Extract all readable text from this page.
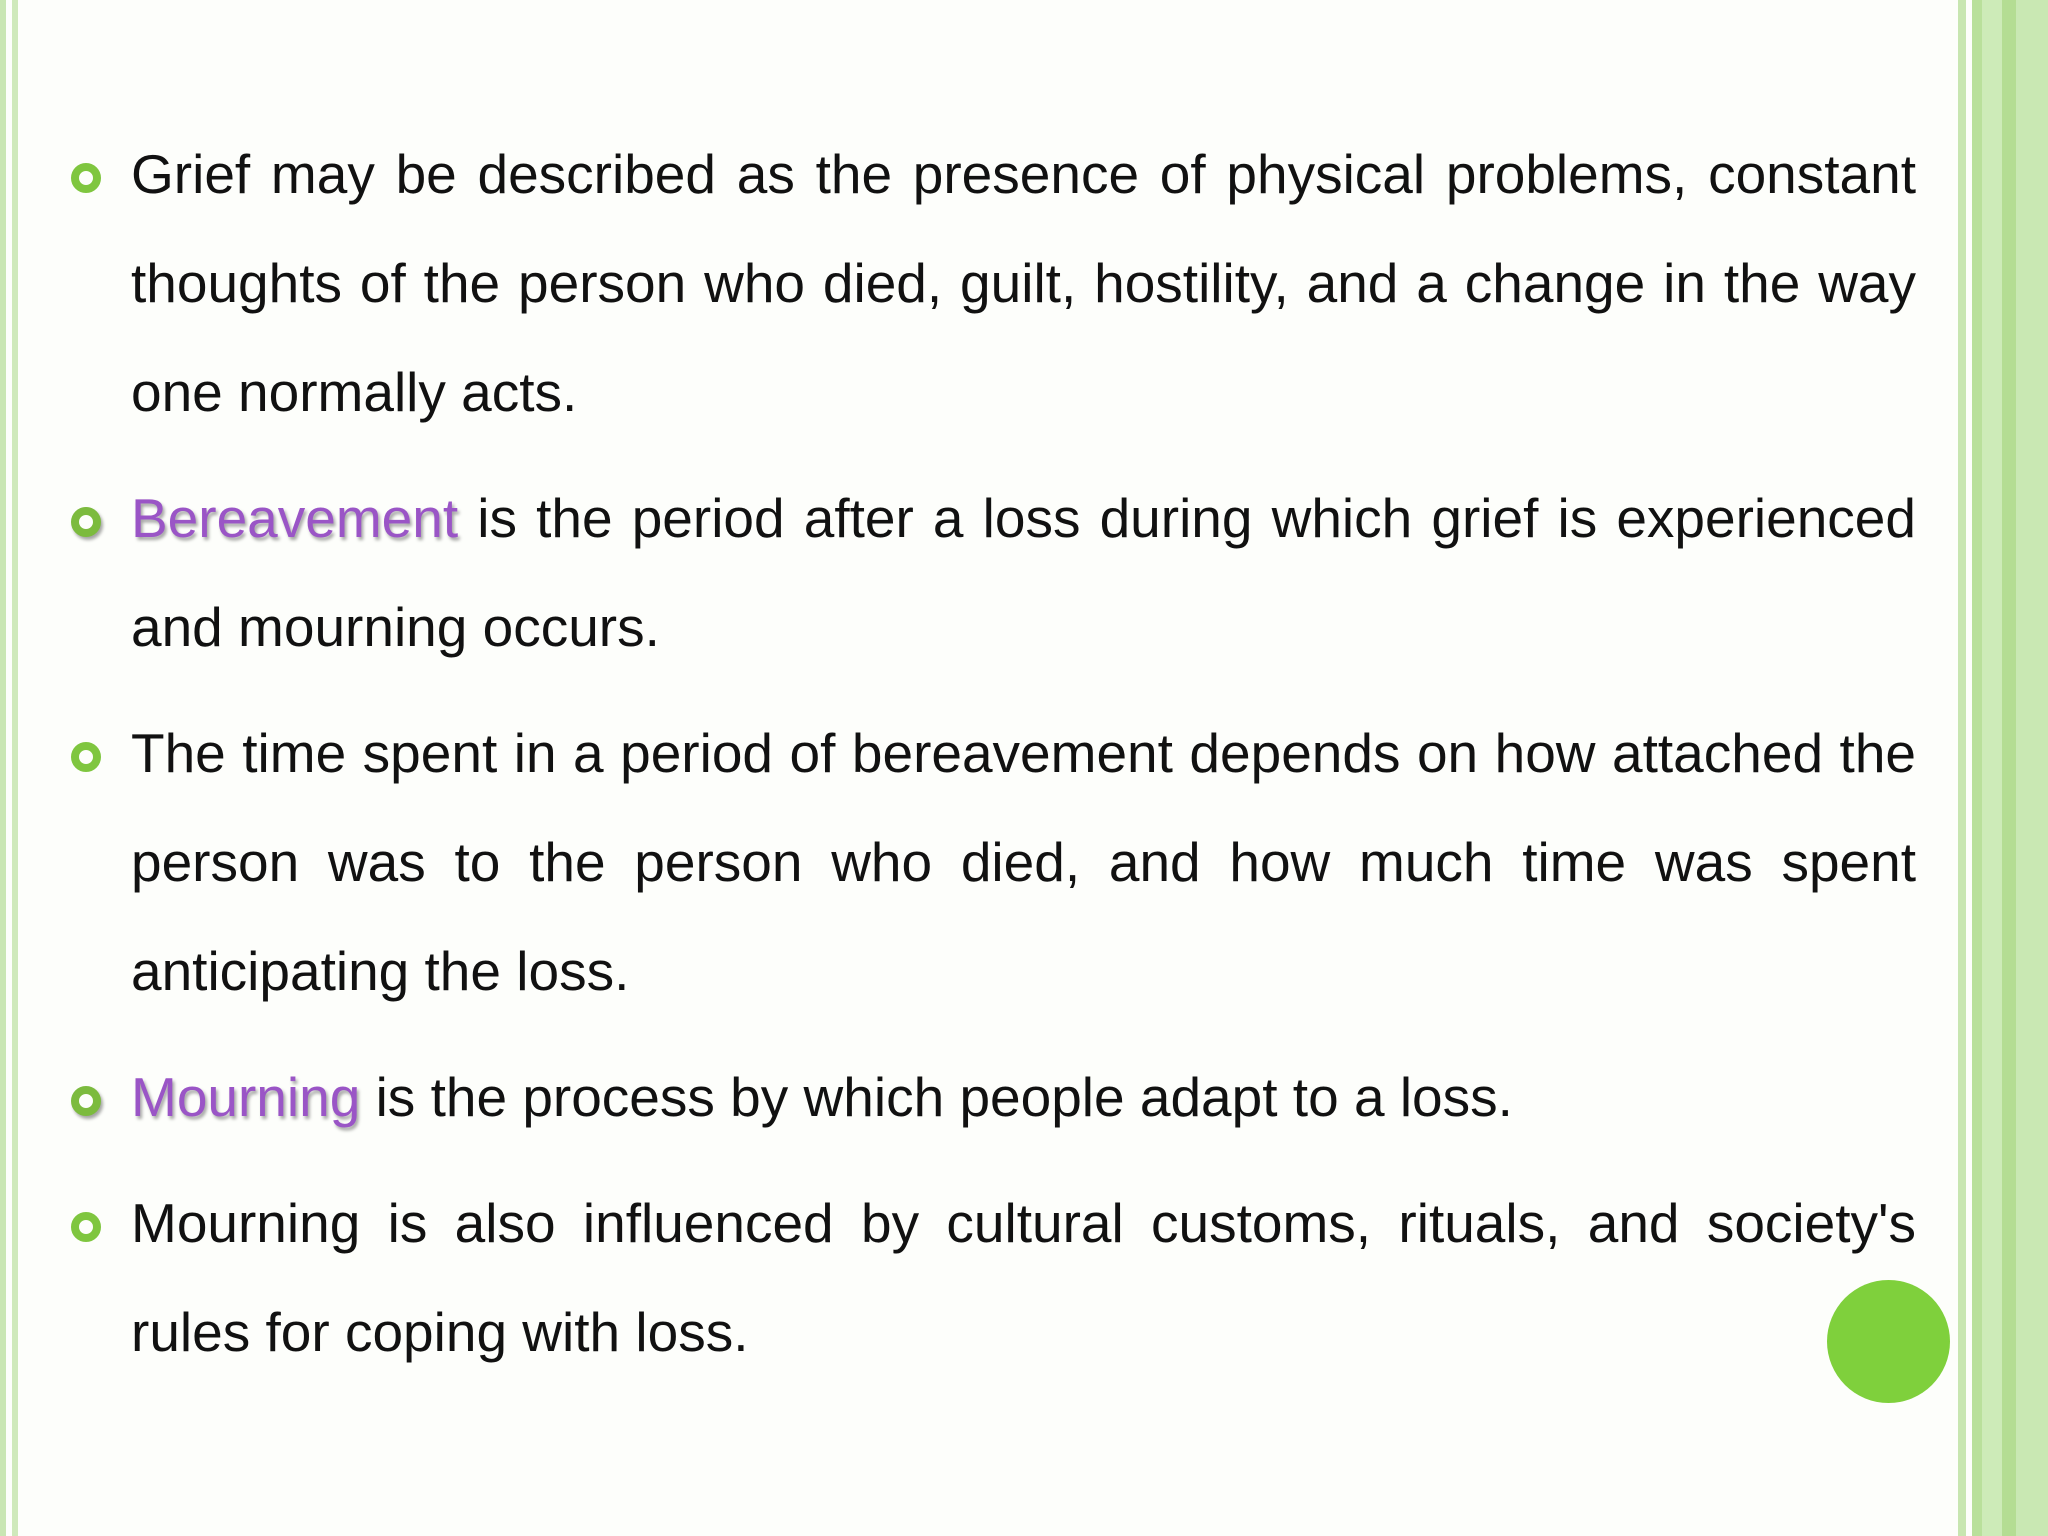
Grief may be described as the presence of physical problems, constant thoughts of the person who died, guilt, hostility, and a change in the way one normally acts.

Bereavement is the period after a loss during which grief is experienced and mourning occurs.

The time spent in a period of bereavement depends on how attached the person was to the person who died, and how much time was spent anticipating the loss.

Mourning is the process by which people adapt to a loss.

Mourning is also influenced by cultural customs, rituals, and society's rules for coping with loss.
